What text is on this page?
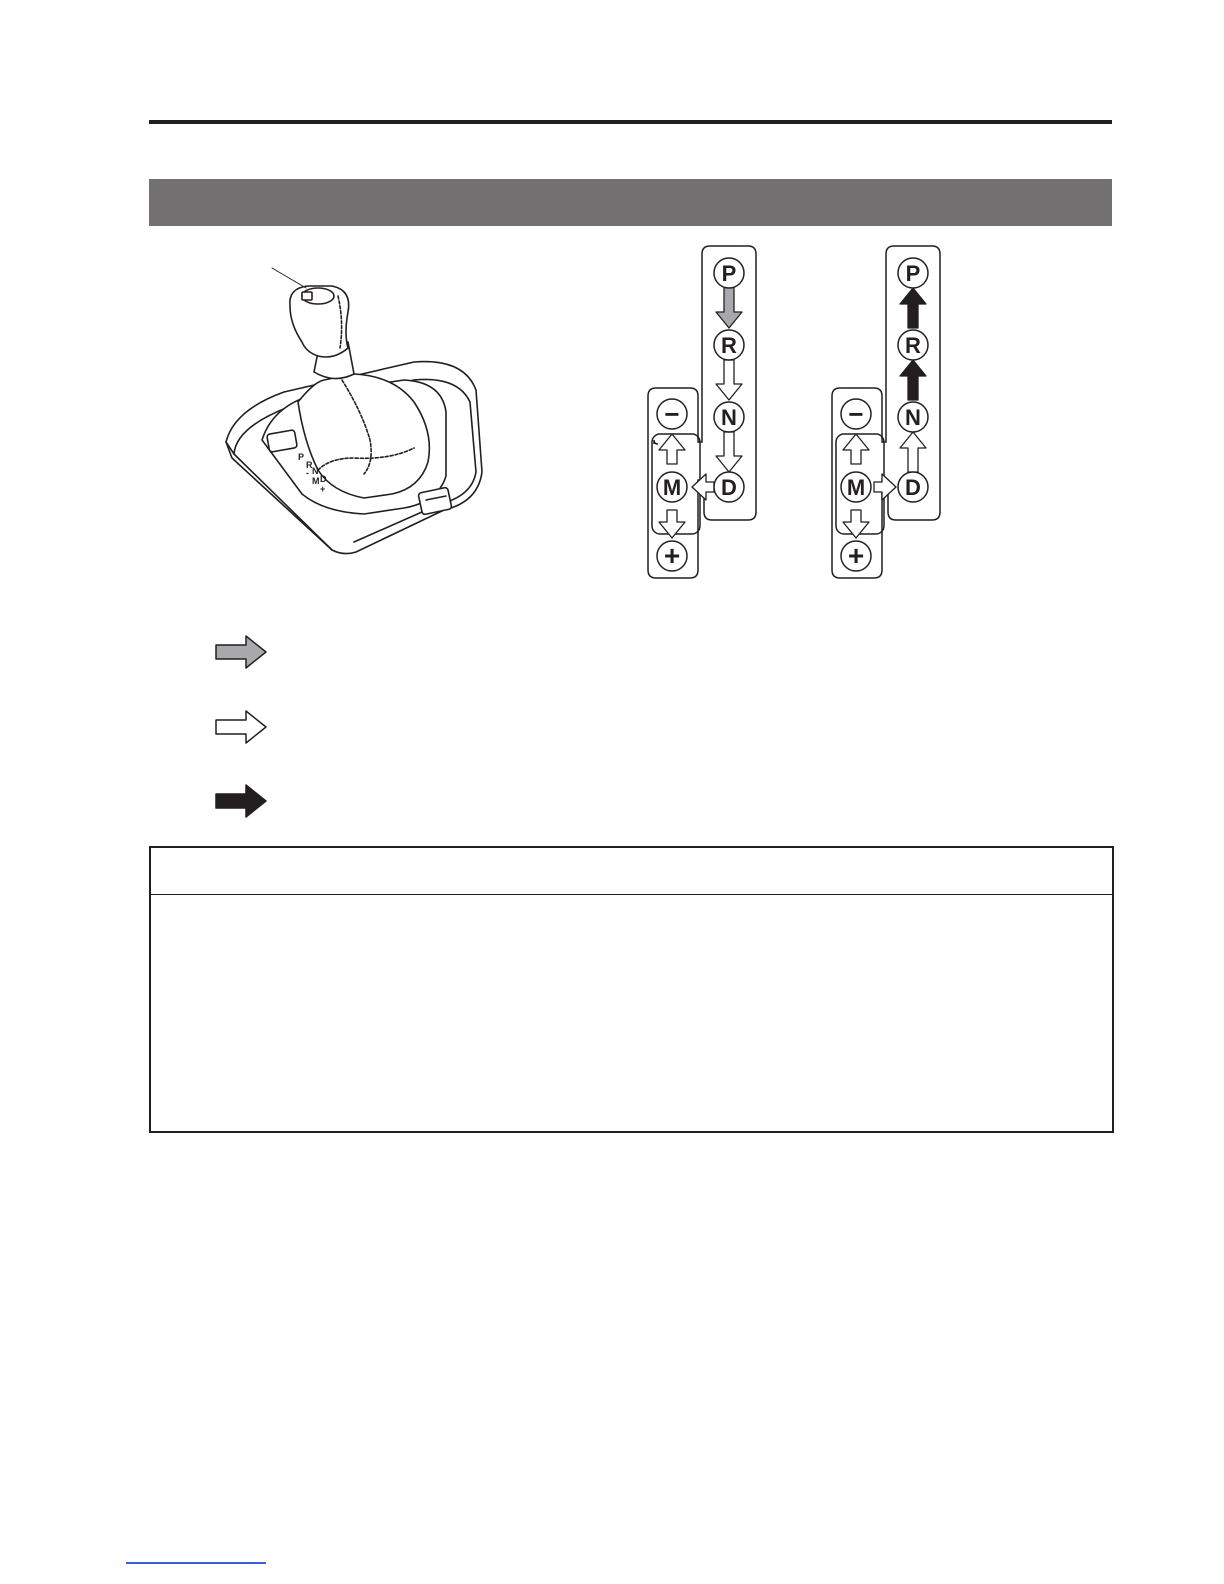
P
R
N
D
M
-
+
P
R
N
D
M
−
+
P
R
N
D
M
−
+
